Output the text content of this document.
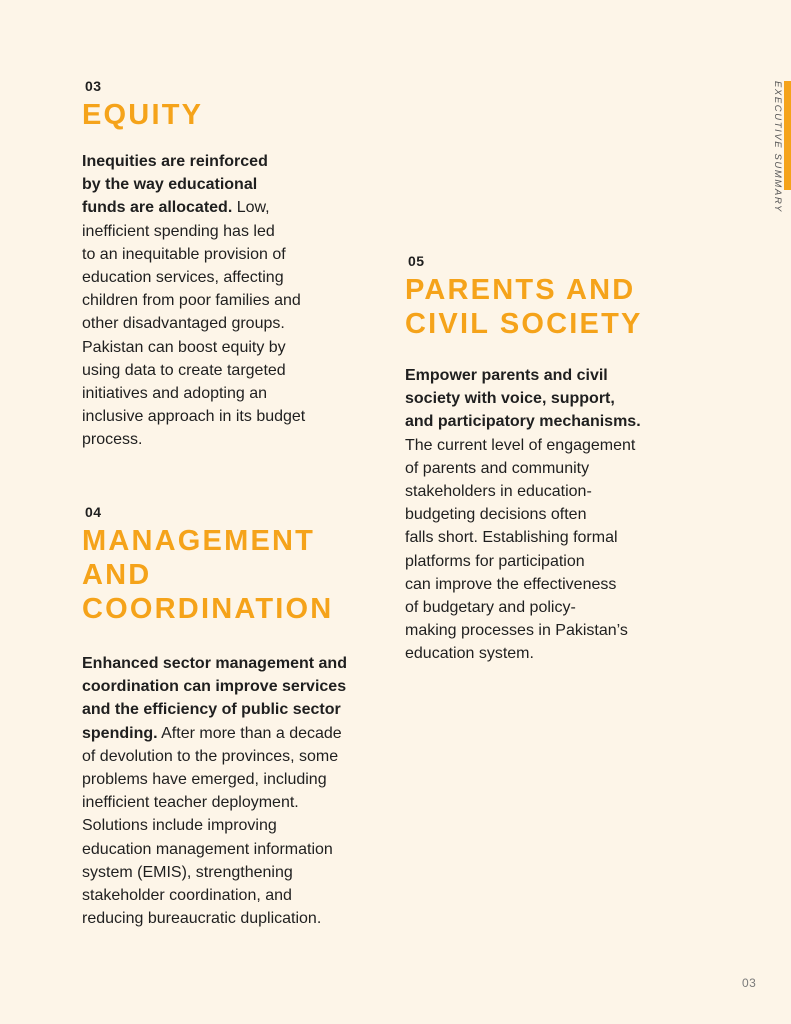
03
EQUITY

Inequities are reinforced
by the way educational
funds are allocated. Low,
inefficient spending has led
to an inequitable provision of
education services, affecting
children from poor families and
other disadvantaged groups.
Pakistan can boost equity by
using data to create targeted
initiatives and adopting an
inclusive approach in its budget
process.

04
MANAGEMENT
AND
COORDINATION

Enhanced sector management and
coordination can improve services
and the efficiency of public sector
spending. After more than a decade
of devolution to the provinces, some
problems have emerged, including
inefficient teacher deployment.
Solutions include improving
education management information
system (EMIS), strengthening
stakeholder coordination, and
reducing bureaucratic duplication.

05
PARENTS AND
CIVIL SOCIETY

Empower parents and civil
society with voice, support,
and participatory mechanisms.
The current level of engagement
of parents and community
stakeholders in education-
budgeting decisions often
falls short. Establishing formal
platforms for participation
can improve the effectiveness
of budgetary and policy-
making processes in Pakistan’s
education system.

EXECUTIVE SUMMARY
03
